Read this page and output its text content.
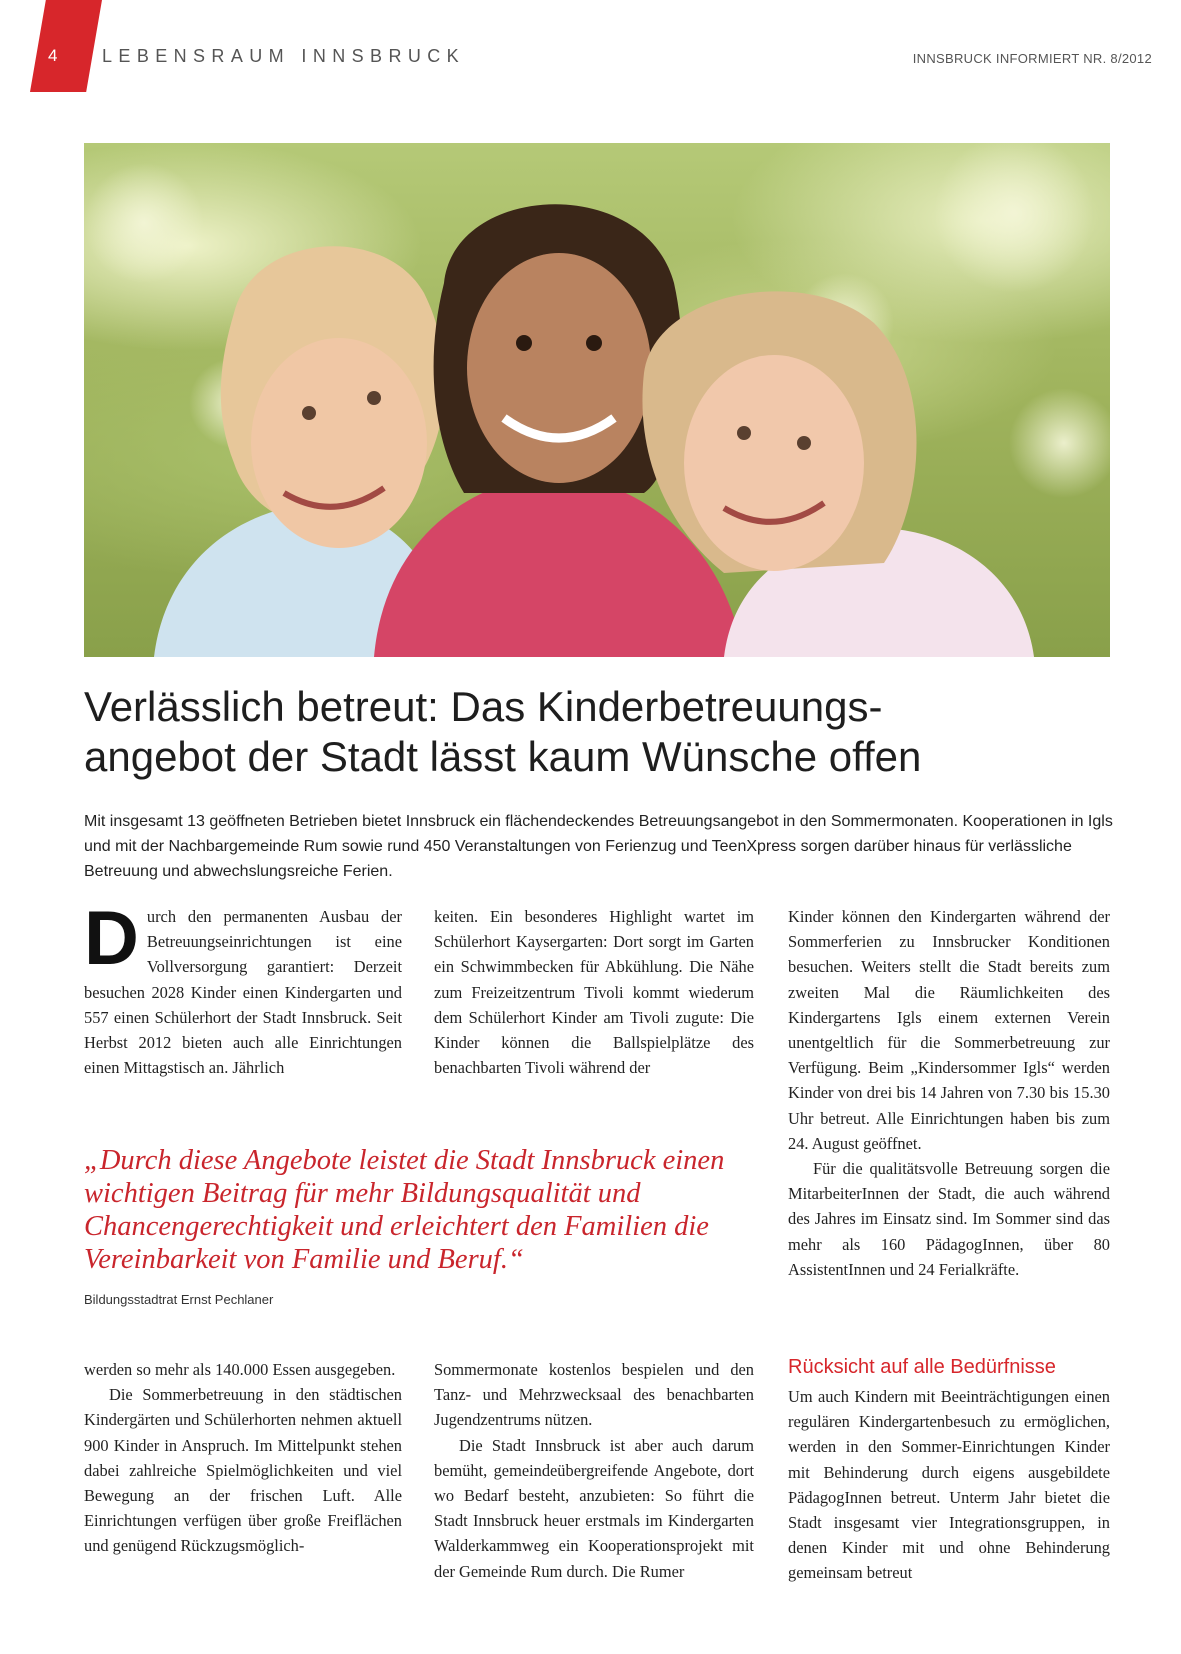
4 LEBENSRAUM INNSBRUCK	INNSBRUCK INFORMIERT NR. 8/2012
Verlässlich betreut: Das Kinderbetreuungs-
angebot der Stadt lässt kaum Wünsche offen

Mit insgesamt 13 geöffneten Betrieben bietet Innsbruck ein flächendeckendes Betreuungsangebot in den Sommermonaten. Kooperationen in Igls und mit der Nachbargemeinde Rum sowie rund 450 Veranstaltungen von Ferienzug und TeenXpress sorgen darüber hinaus für verlässliche Betreuung und abwechslungsreiche Ferien.

Durch den permanenten Ausbau der Betreuungseinrichtungen ist eine Vollversorgung garantiert: Derzeit besuchen 2028 Kinder einen Kindergarten und 557 einen Schülerhort der Stadt Innsbruck. Seit Herbst 2012 bieten auch alle Einrichtungen einen Mittagstisch an. Jährlich

keiten. Ein besonderes Highlight wartet im Schülerhort Kaysergarten: Dort sorgt im Garten ein Schwimmbecken für Abkühlung. Die Nähe zum Freizeitzentrum Tivoli kommt wiederum dem Schülerhort Kinder am Tivoli zugute: Die Kinder können die Ballspielplätze des benachbarten Tivoli während der

„Durch diese Angebote leistet die Stadt Innsbruck einen wichtigen Beitrag für mehr Bildungsqualität und Chancengerechtigkeit und erleichtert den Familien die Vereinbarkeit von Familie und Beruf.“

Bildungsstadtrat Ernst Pechlaner

Kinder können den Kindergarten während der Sommerferien zu Innsbrucker Konditionen besuchen. Weiters stellt die Stadt bereits zum zweiten Mal die Räumlichkeiten des Kindergartens Igls einem externen Verein unentgeltlich für die Sommerbetreuung zur Verfügung. Beim „Kindersommer Igls“ werden Kinder von drei bis 14 Jahren von 7.30 bis 15.30 Uhr betreut. Alle Einrichtungen haben bis zum 24. August geöffnet.

Für die qualitätsvolle Betreuung sorgen die MitarbeiterInnen der Stadt, die auch während des Jahres im Einsatz sind. Im Sommer sind das mehr als 160 PädagogInnen, über 80 AssistentInnen und 24 Ferialkräfte.

werden so mehr als 140.000 Essen ausgegeben.

Die Sommerbetreuung in den städtischen Kindergärten und Schülerhorten nehmen aktuell 900 Kinder in Anspruch. Im Mittelpunkt stehen dabei zahlreiche Spielmöglichkeiten und viel Bewegung an der frischen Luft. Alle Einrichtungen verfügen über große Freiflächen und genügend Rückzugsmöglich-

Sommermonate kostenlos bespielen und den Tanz- und Mehrzwecksaal des benachbarten Jugendzentrums nützen.

Die Stadt Innsbruck ist aber auch darum bemüht, gemeindeübergreifende Angebote, dort wo Bedarf besteht, anzubieten: So führt die Stadt Innsbruck heuer erstmals im Kindergarten Walderkammweg ein Kooperationsprojekt mit der Gemeinde Rum durch. Die Rumer

Rücksicht auf alle Bedürfnisse

Um auch Kindern mit Beeinträchtigungen einen regulären Kindergartenbesuch zu ermöglichen, werden in den Sommer-Einrichtungen Kinder mit Behinderung durch eigens ausgebildete PädagogInnen betreut. Unterm Jahr bietet die Stadt insgesamt vier Integrationsgruppen, in denen Kinder mit und ohne Behinderung gemeinsam betreut
